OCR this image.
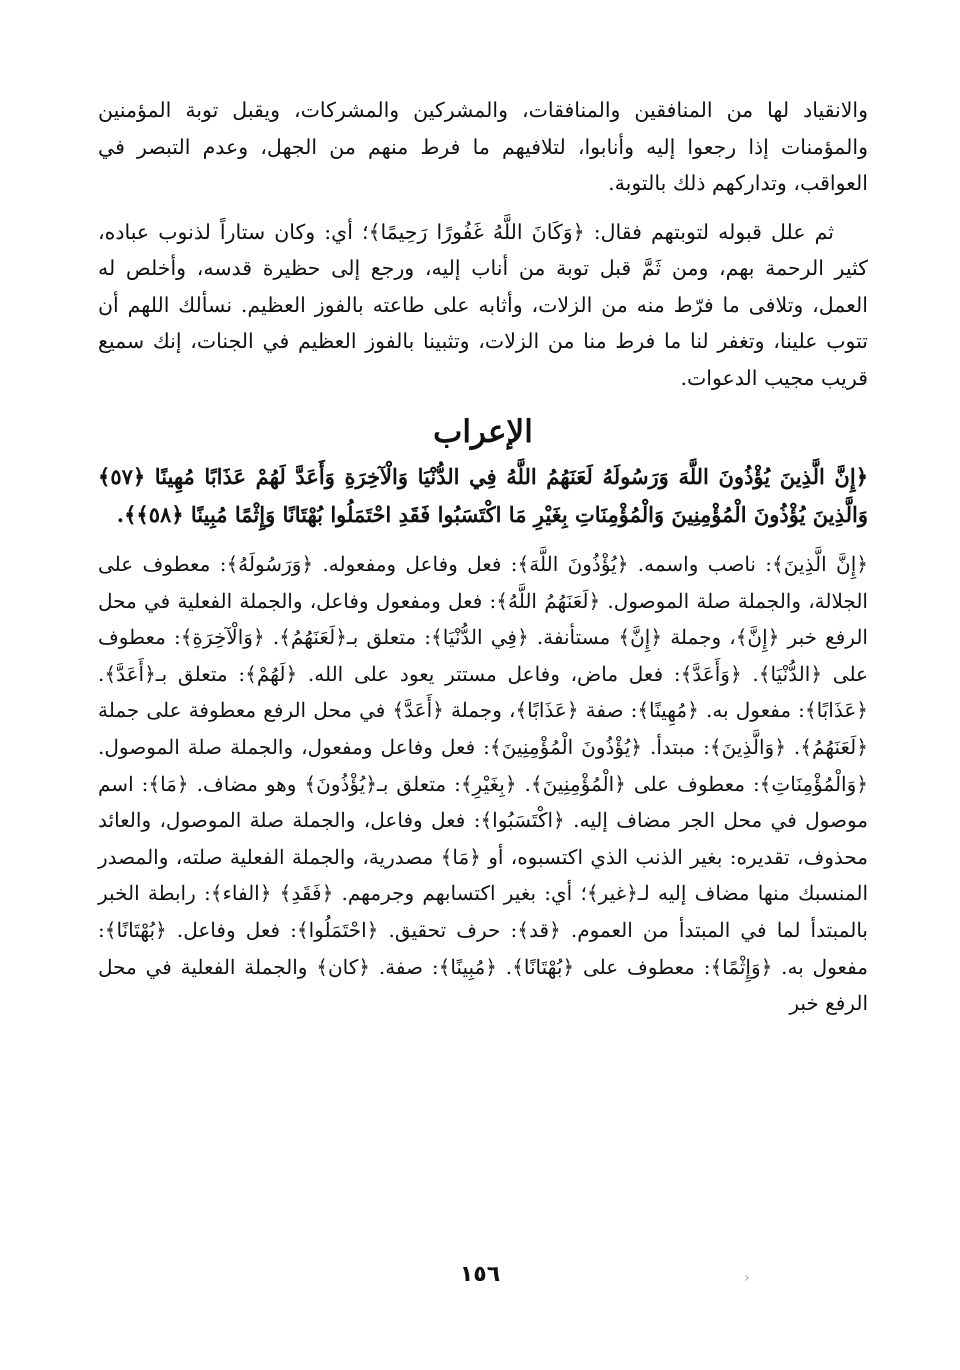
والانقياد لها من المنافقين والمنافقات، والمشركين والمشركات، ويقبل توبة المؤمنين والمؤمنات إذا رجعوا إليه وأنابوا، لتلافيهم ما فرط منهم من الجهل، وعدم التبصر في العواقب، وتداركهم ذلك بالتوبة.

ثم علل قبوله لتوبتهم فقال: ﴿وَكَانَ اللَّهُ غَفُورًا رَحِيمًا﴾؛ أي: وكان ستاراً لذنوب عباده، كثير الرحمة بهم، ومن ثَمَّ قبل توبة من أناب إليه، ورجع إلى حظيرة قدسه، وأخلص له العمل، وتلافى ما فرّط منه من الزلات، وأثابه على طاعته بالفوز العظيم. نسألك اللهم أن تتوب علينا، وتغفر لنا ما فرط منا من الزلات، وتثبينا بالفوز العظيم في الجنات، إنك سميع قريب مجيب الدعوات.

الإعراب

﴿إِنَّ الَّذِينَ يُؤْذُونَ اللَّهَ وَرَسُولَهُ لَعَنَهُمُ اللَّهُ فِي الدُّنْيَا وَالْآخِرَةِ وَأَعَدَّ لَهُمْ عَذَابًا مُهِينًا ﴿٥٧﴾ وَالَّذِينَ يُؤْذُونَ الْمُؤْمِنِينَ وَالْمُؤْمِنَاتِ بِغَيْرِ مَا اكْتَسَبُوا فَقَدِ احْتَمَلُوا بُهْتَانًا وَإِثْمًا مُبِينًا ﴿٥٨﴾﴾.

﴿إِنَّ الَّذِينَ﴾: ناصب واسمه. ﴿يُؤْذُونَ اللَّهَ﴾: فعل وفاعل ومفعوله. ﴿وَرَسُولَهُ﴾: معطوف على الجلالة، والجملة صلة الموصول. ﴿لَعَنَهُمُ اللَّهُ﴾: فعل ومفعول وفاعل، والجملة الفعلية في محل الرفع خبر ﴿إِنَّ﴾، وجملة ﴿إِنَّ﴾ مستأنفة. ﴿فِي الدُّنْيَا﴾: متعلق بـ﴿لَعَنَهُمُ﴾. ﴿وَالْآخِرَةِ﴾: معطوف على ﴿الدُّنْيَا﴾. ﴿وَأَعَدَّ﴾: فعل ماض، وفاعل مستتر يعود على الله. ﴿لَهُمْ﴾: متعلق بـ﴿أَعَدَّ﴾. ﴿عَذَابًا﴾: مفعول به. ﴿مُهِينًا﴾: صفة ﴿عَذَابًا﴾، وجملة ﴿أَعَدَّ﴾ في محل الرفع معطوفة على جملة ﴿لَعَنَهُمُ﴾. ﴿وَالَّذِينَ﴾: مبتدأ. ﴿يُؤْذُونَ الْمُؤْمِنِينَ﴾: فعل وفاعل ومفعول، والجملة صلة الموصول. ﴿وَالْمُؤْمِنَاتِ﴾: معطوف على ﴿الْمُؤْمِنِينَ﴾. ﴿بِغَيْرِ﴾: متعلق بـ﴿يُؤْذُونَ﴾ وهو مضاف. ﴿مَا﴾: اسم موصول في محل الجر مضاف إليه. ﴿اكْتَسَبُوا﴾: فعل وفاعل، والجملة صلة الموصول، والعائد محذوف، تقديره: بغير الذنب الذي اكتسبوه، أو ﴿مَا﴾ مصدرية، والجملة الفعلية صلته، والمصدر المنسبك منها مضاف إليه لـ﴿غير﴾؛ أي: بغير اكتسابهم وجرمهم. ﴿فَقَدِ﴾ ﴿الفاء﴾: رابطة الخبر بالمبتدأ لما في المبتدأ من العموم. ﴿قد﴾: حرف تحقيق. ﴿احْتَمَلُوا﴾: فعل وفاعل. ﴿بُهْتَانًا﴾: مفعول به. ﴿وَإِثْمًا﴾: معطوف على ﴿بُهْتَانًا﴾. ﴿مُبِينًا﴾: صفة. ﴿كان﴾ والجملة الفعلية في محل الرفع خبر

١٥٦	‹
